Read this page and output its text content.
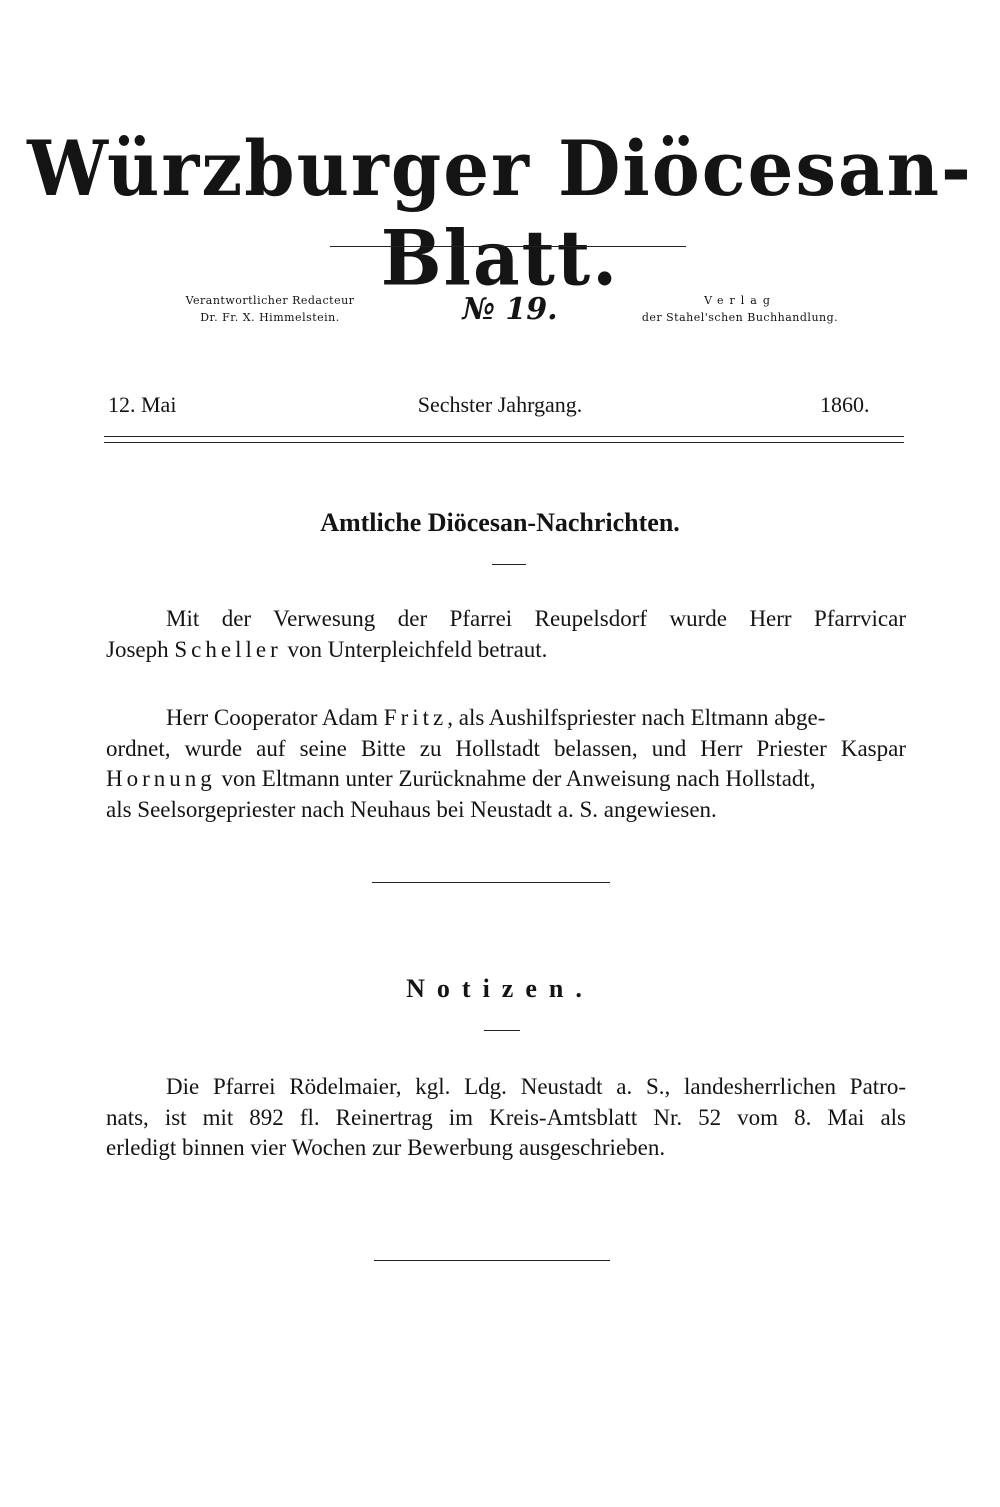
Würzburger Diöcesan-Blatt.
Verantwortlicher Redacteur
Dr. Fr. X. Himmelstein.	№ 19.	Verlag
der Stahel'schen Buchhandlung.
12. Mai	Sechster Jahrgang.	1860.
Amtliche Diöcesan-Nachrichten.
Mit der Verwesung der Pfarrei Reupelsdorf wurde Herr Pfarrvicar
Joseph Scheller von Unterpleichfeld betraut.
Herr Cooperator Adam Fritz, als Aushilfspriester nach Eltmann abge-
ordnet, wurde auf seine Bitte zu Hollstadt belassen, und Herr Priester Kaspar
Hornung von Eltmann unter Zurücknahme der Anweisung nach Hollstadt,
als Seelsorgepriester nach Neuhaus bei Neustadt a. S. angewiesen.
Notizen.
Die Pfarrei Rödelmaier, kgl. Ldg. Neustadt a. S., landesherrlichen Patro-
nats, ist mit 892 fl. Reinertrag im Kreis-Amtsblatt Nr. 52 vom 8. Mai als
erledigt binnen vier Wochen zur Bewerbung ausgeschrieben.
